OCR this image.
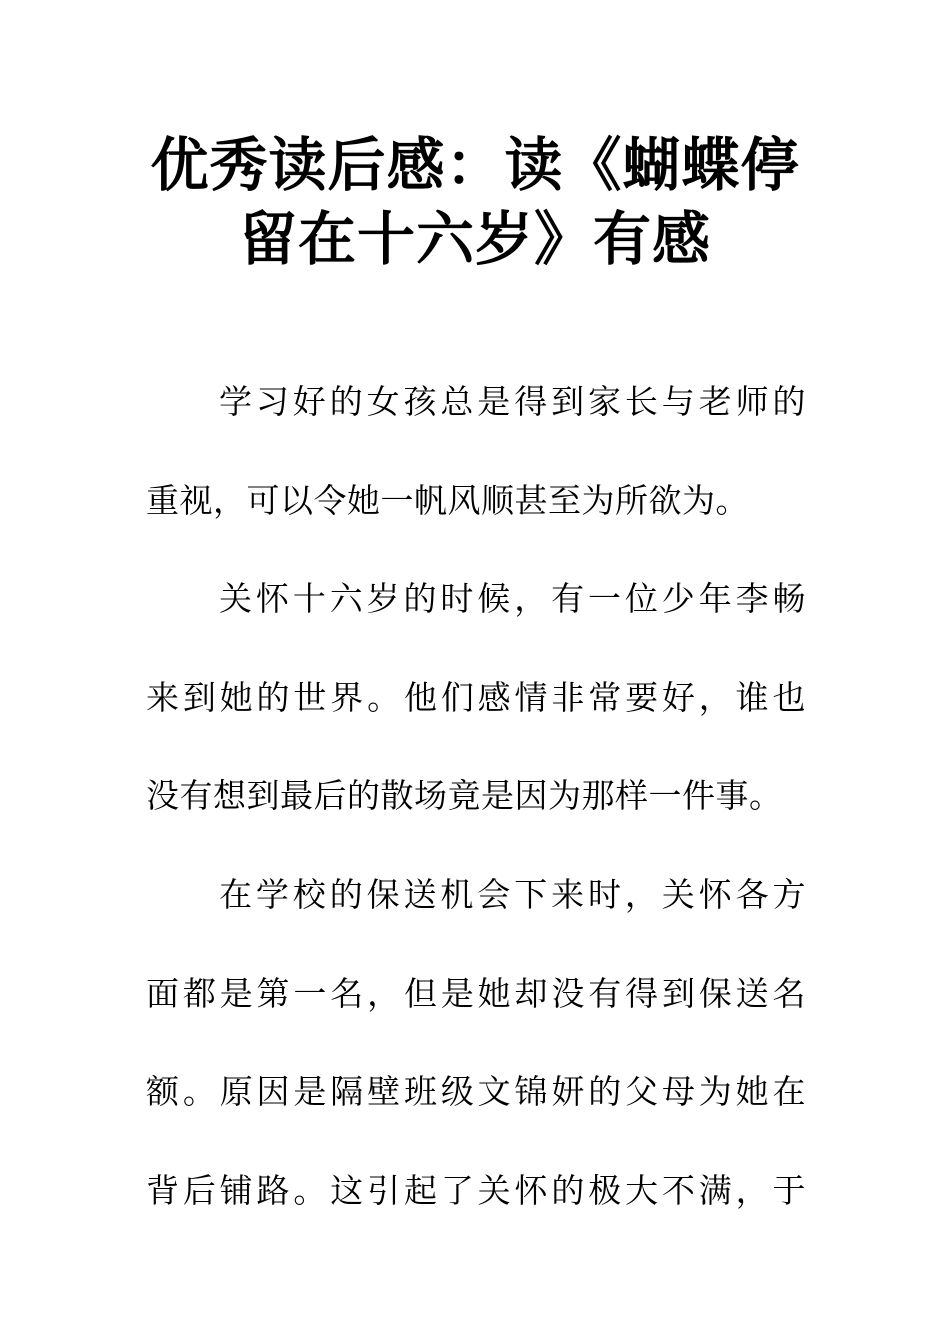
优秀读后感：读《蝴蝶停
留在十六岁》有感
学习好的女孩总是得到家长与老师的
重视，可以令她一帆风顺甚至为所欲为。
关怀十六岁的时候，有一位少年李畅
来到她的世界。他们感情非常要好，谁也
没有想到最后的散场竟是因为那样一件事。
在学校的保送机会下来时，关怀各方
面都是第一名，但是她却没有得到保送名
额。原因是隔壁班级文锦妍的父母为她在
背后铺路。这引起了关怀的极大不满，于
